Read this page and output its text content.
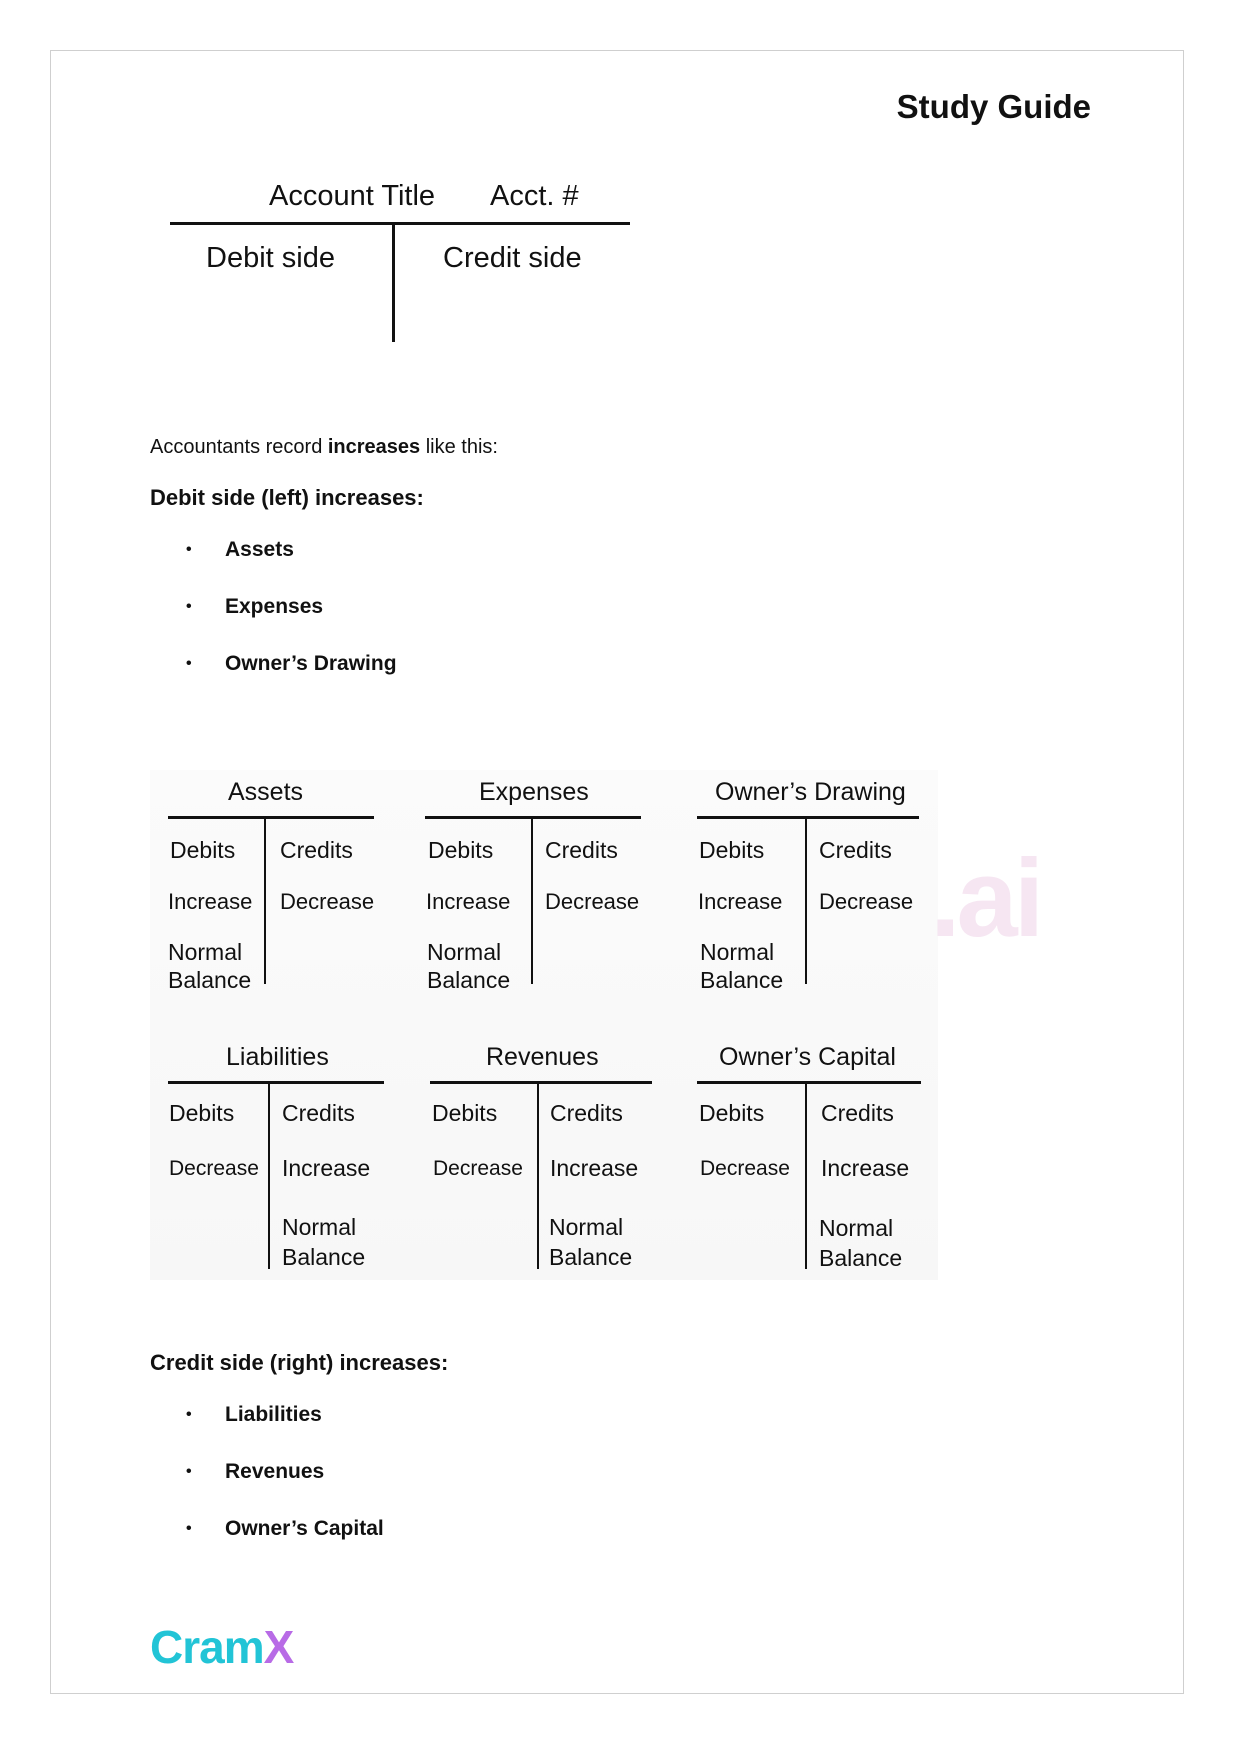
Study Guide
Account Title Acct. #
Debit side	Credit side
Accountants record increases like this:
Debit side (left) increases:
• Assets
• Expenses
• Owner’s Drawing
.ai
Assets
Debits Credits
Increase Decrease
Normal
Balance
Expenses
Debits Credits
Increase Decrease
Normal
Balance
Owner’s Drawing
Debits Credits
Increase Decrease
Normal
Balance
Liabilities
Debits Credits
Decrease Increase
Normal
Balance
Revenues
Debits Credits
Decrease Increase
Normal
Balance
Owner’s Capital
Debits Credits
Decrease Increase
Normal
Balance
Credit side (right) increases:
• Liabilities
• Revenues
• Owner’s Capital
CramX
